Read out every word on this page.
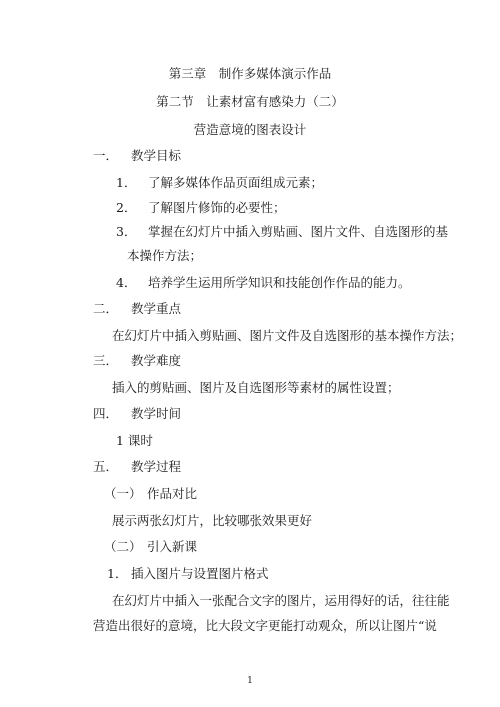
第三章　制作多媒体演示作品
第二节　让素材富有感染力（二）
营造意境的图表设计
一． 教学目标
1． 了解多媒体作品页面组成元素；
2． 了解图片修饰的必要性；
3． 掌握在幻灯片中插入剪贴画、图片文件、自选图形的基
本操作方法；
4． 培养学生运用所学知识和技能创作作品的能力。
二． 教学重点
在幻灯片中插入剪贴画、图片文件及自选图形的基本操作方法；
三． 教学难度
插入的剪贴画、图片及自选图形等素材的属性设置；
四． 教学时间
1 课时
五． 教学过程
（一） 作品对比
展示两张幻灯片，比较哪张效果更好
（二） 引入新课
1． 插入图片与设置图片格式
在幻灯片中插入一张配合文字的图片，运用得好的话，往往能
营造出很好的意境，比大段文字更能打动观众，所以让图片“说
1
